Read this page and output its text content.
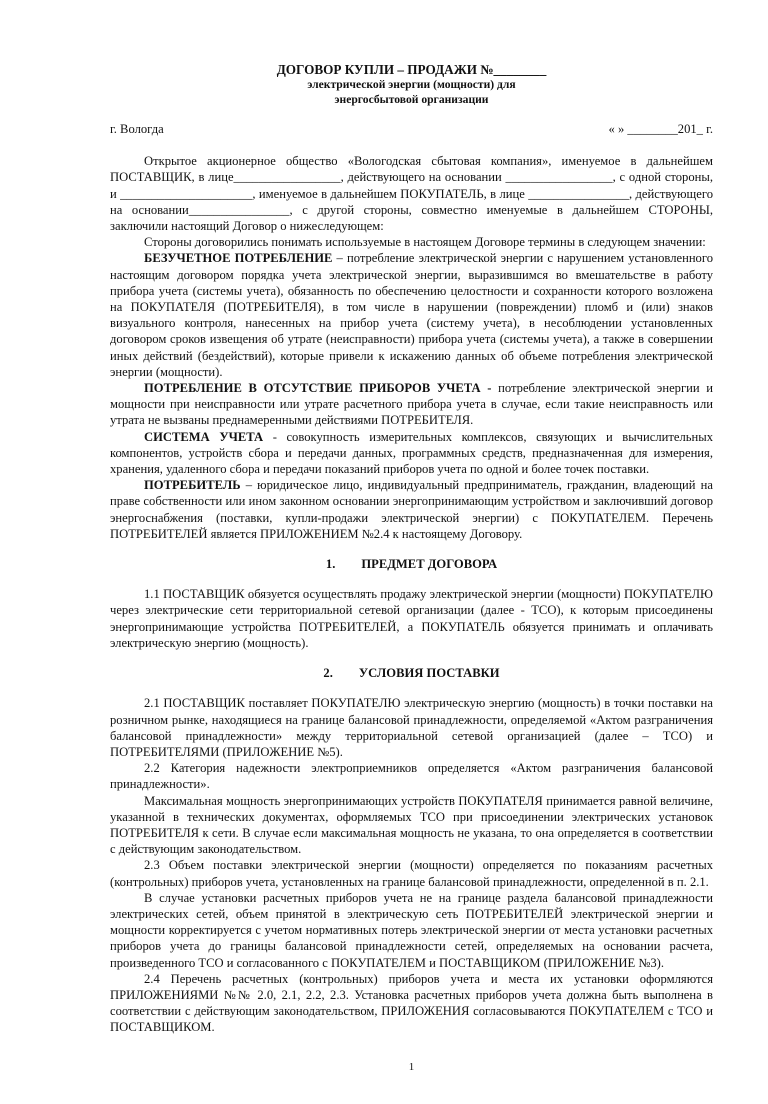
ДОГОВОР КУПЛИ – ПРОДАЖИ №________
электрической энергии (мощности) для
энергосбытовой организации
г. Вологда	« » ________201_ г.

Открытое акционерное общество «Вологодская сбытовая компания», именуемое в дальнейшем ПОСТАВЩИК, в лице_________________, действующего на основании _________________, с одной стороны, и _____________________, именуемое в дальнейшем ПОКУПАТЕЛЬ, в лице ________________, действующего на основании________________, с другой стороны, совместно именуемые в дальнейшем СТОРОНЫ, заключили настоящий Договор о нижеследующем:

Стороны договорились понимать используемые в настоящем Договоре термины в следующем значении:

БЕЗУЧЕТНОЕ ПОТРЕБЛЕНИЕ – потребление электрической энергии с нарушением установленного настоящим договором порядка учета электрической энергии, выразившимся во вмешательстве в работу прибора учета (системы учета), обязанность по обеспечению целостности и сохранности которого возложена на ПОКУПАТЕЛЯ (ПОТРЕБИТЕЛЯ), в том числе в нарушении (повреждении) пломб и (или) знаков визуального контроля, нанесенных на прибор учета (систему учета), в несоблюдении установленных договором сроков извещения об утрате (неисправности) прибора учета (системы учета), а также в совершении иных действий (бездействий), которые привели к искажению данных об объеме потребления электрической энергии (мощности).

ПОТРЕБЛЕНИЕ В ОТСУТСТВИЕ ПРИБОРОВ УЧЕТА - потребление электрической энергии и мощности при неисправности или утрате расчетного прибора учета в случае, если такие неисправность или утрата не вызваны преднамеренными действиями ПОТРЕБИТЕЛЯ.

СИСТЕМА УЧЕТА - совокупность измерительных комплексов, связующих и вычислительных компонентов, устройств сбора и передачи данных, программных средств, предназначенная для измерения, хранения, удаленного сбора и передачи показаний приборов учета по одной и более точек поставки.

ПОТРЕБИТЕЛЬ – юридическое лицо, индивидуальный предприниматель, гражданин, владеющий на праве собственности или ином законном основании энергопринимающим устройством и заключивший договор энергоснабжения (поставки, купли-продажи электрической энергии) с ПОКУПАТЕЛЕМ. Перечень ПОТРЕБИТЕЛЕЙ является ПРИЛОЖЕНИЕМ №2.4 к настоящему Договору.

1. ПРЕДМЕТ ДОГОВОРА

1.1 ПОСТАВЩИК обязуется осуществлять продажу электрической энергии (мощности) ПОКУПАТЕЛЮ через электрические сети территориальной сетевой организации (далее - ТСО), к которым присоединены энергопринимающие устройства ПОТРЕБИТЕЛЕЙ, а ПОКУПАТЕЛЬ обязуется принимать и оплачивать электрическую энергию (мощность).

2. УСЛОВИЯ ПОСТАВКИ

2.1 ПОСТАВЩИК поставляет ПОКУПАТЕЛЮ электрическую энергию (мощность) в точки поставки на розничном рынке, находящиеся на границе балансовой принадлежности, определяемой «Актом разграничения балансовой принадлежности» между территориальной сетевой организацией (далее – ТСО) и ПОТРЕБИТЕЛЯМИ (ПРИЛОЖЕНИЕ №5).

2.2 Категория надежности электроприемников определяется «Актом разграничения балансовой принадлежности».

Максимальная мощность энергопринимающих устройств ПОКУПАТЕЛЯ принимается равной величине, указанной в технических документах, оформляемых ТСО при присоединении электрических установок ПОТРЕБИТЕЛЯ к сети. В случае если максимальная мощность не указана, то она определяется в соответствии с действующим законодательством.

2.3 Объем поставки электрической энергии (мощности) определяется по показаниям расчетных (контрольных) приборов учета, установленных на границе балансовой принадлежности, определенной в п. 2.1.

В случае установки расчетных приборов учета не на границе раздела балансовой принадлежности электрических сетей, объем принятой в электрическую сеть ПОТРЕБИТЕЛЕЙ электрической энергии и мощности корректируется с учетом нормативных потерь электрической энергии от места установки расчетных приборов учета до границы балансовой принадлежности сетей, определяемых на основании расчета, произведенного ТСО и согласованного с ПОКУПАТЕЛЕМ и ПОСТАВЩИКОМ (ПРИЛОЖЕНИЕ №3).

2.4 Перечень расчетных (контрольных) приборов учета и места их установки оформляются ПРИЛОЖЕНИЯМИ №№ 2.0, 2.1, 2.2, 2.3. Установка расчетных приборов учета должна быть выполнена в соответствии с действующим законодательством, ПРИЛОЖЕНИЯ согласовываются ПОКУПАТЕЛЕМ с ТСО и ПОСТАВЩИКОМ.

1
